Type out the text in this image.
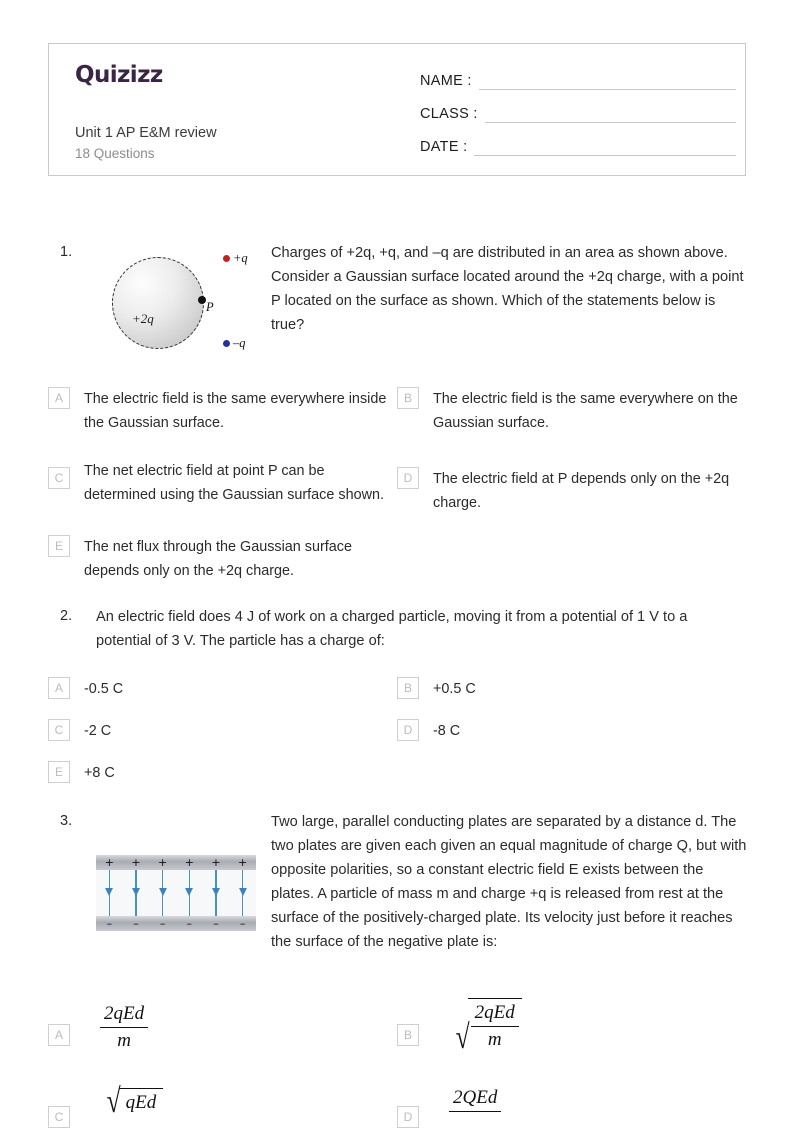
Quizizz
Unit 1 AP E&M review
18 Questions
NAME :
CLASS :
DATE :
1.
+2q
P
+q
–q
Charges of +2q, +q, and –q are distributed in an area as shown above. Consider a Gaussian surface located around the +2q charge, with a point P located on the surface as shown. Which of the statements below is true?
A	The electric field is the same everywhere inside the Gaussian surface.
B	The electric field is the same everywhere on the Gaussian surface.
C	The net electric field at point P can be determined using the Gaussian surface shown.
D	The electric field at P depends only on the +2q charge.
E	The net flux through the Gaussian surface depends only on the +2q charge.
2. An electric field does 4 J of work on a charged particle, moving it from a potential of 1 V to a potential of 3 V. The particle has a charge of:
A	-0.5 C	B	+0.5 C
C	-2 C	D	-8 C
E	+8 C
3.
+ + + + + +
– – – – – –
Two large, parallel conducting plates are separated by a distance d. The two plates are given each given an equal magnitude of charge Q, but with opposite polarities, so a constant electric field E exists between the plates. A particle of mass m and charge +q is released from rest at the surface of the positively-charged plate. Its velocity just before it reaches the surface of the negative plate is:
A	$\frac{\text{2qEd}}{m}$	B √ $\frac{\text{2qEd}}{m}$
C √ qEd
D
2QEd
